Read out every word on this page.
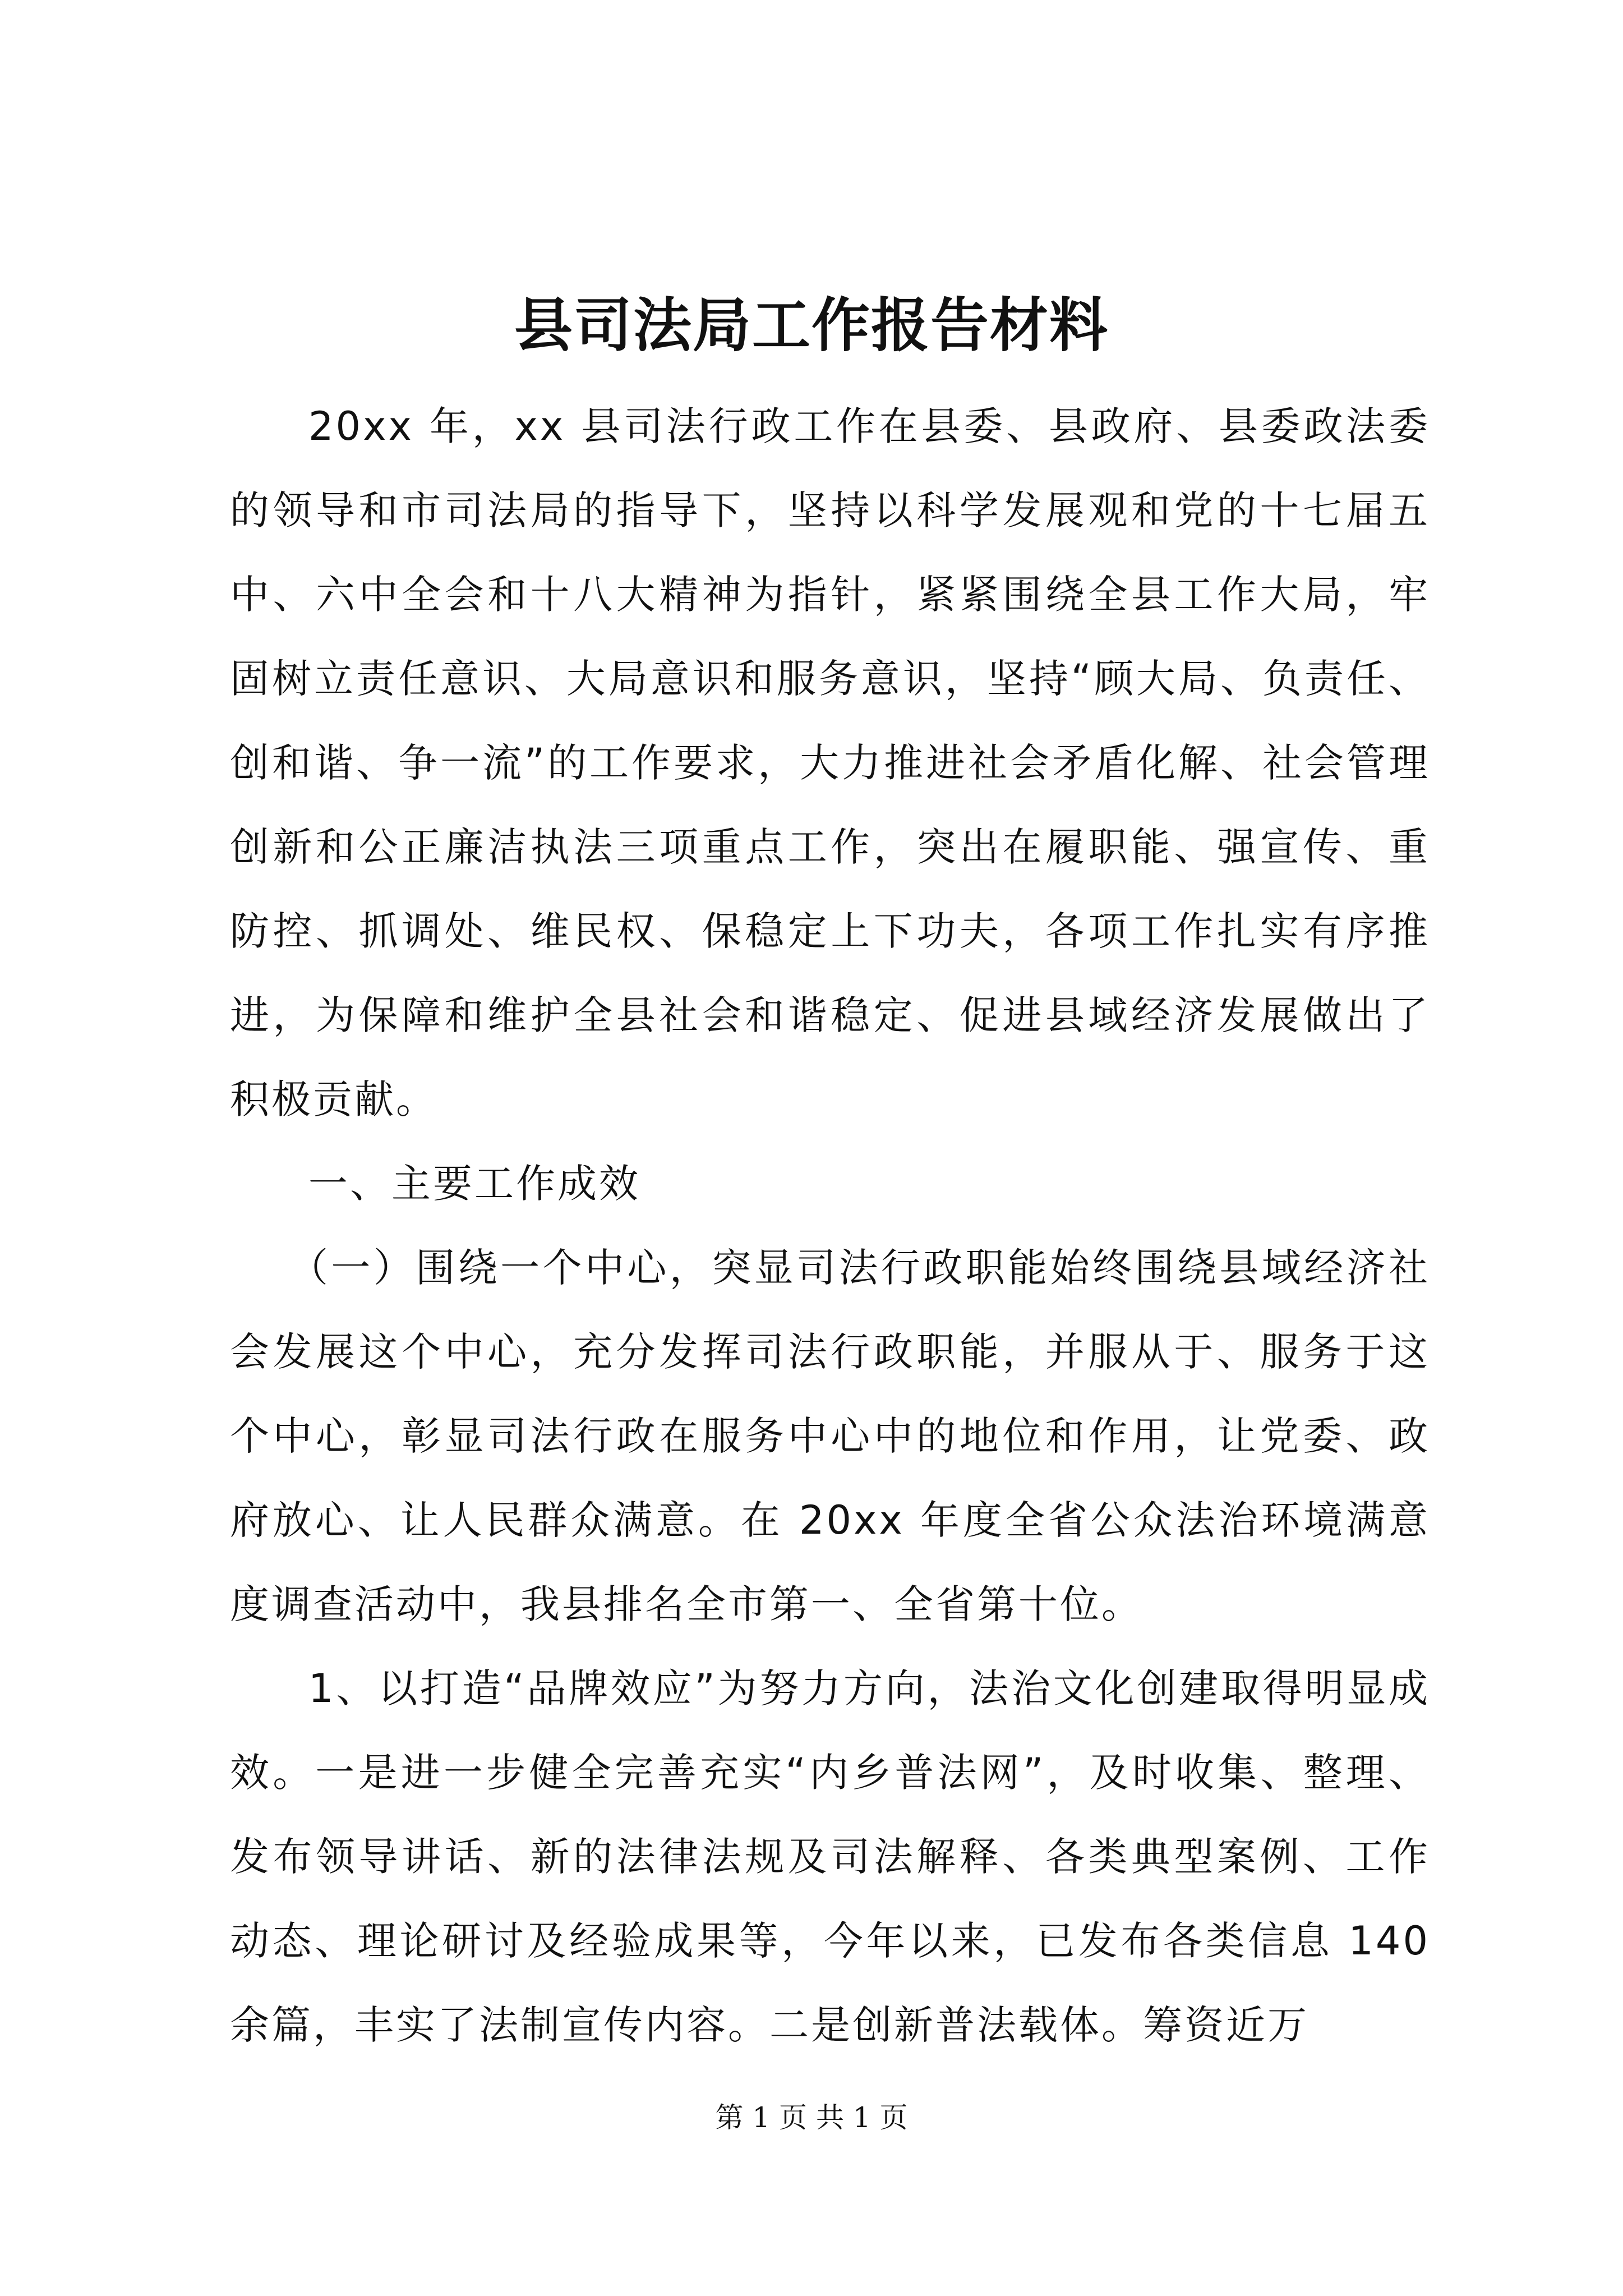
县司法局工作报告材料

20xx 年，xx 县司法行政工作在县委、县政府、县委政法委的领导和市司法局的指导下，坚持以科学发展观和党的十七届五中、六中全会和十八大精神为指针，紧紧围绕全县工作大局，牢固树立责任意识、大局意识和服务意识，坚持“顾大局、负责任、创和谐、争一流”的工作要求，大力推进社会矛盾化解、社会管理创新和公正廉洁执法三项重点工作，突出在履职能、强宣传、重防控、抓调处、维民权、保稳定上下功夫，各项工作扎实有序推进，为保障和维护全县社会和谐稳定、促进县域经济发展做出了积极贡献。

一、主要工作成效

（一）围绕一个中心，突显司法行政职能始终围绕县域经济社会发展这个中心，充分发挥司法行政职能，并服从于、服务于这个中心，彰显司法行政在服务中心中的地位和作用，让党委、政府放心、让人民群众满意。在 20xx 年度全省公众法治环境满意度调查活动中，我县排名全市第一、全省第十位。

1、以打造“品牌效应”为努力方向，法治文化创建取得明显成效。一是进一步健全完善充实“内乡普法网”，及时收集、整理、发布领导讲话、新的法律法规及司法解释、各类典型案例、工作动态、理论研讨及经验成果等，今年以来，已发布各类信息 140 余篇，丰实了法制宣传内容。二是创新普法载体。筹资近万

第 1 页 共 1 页
